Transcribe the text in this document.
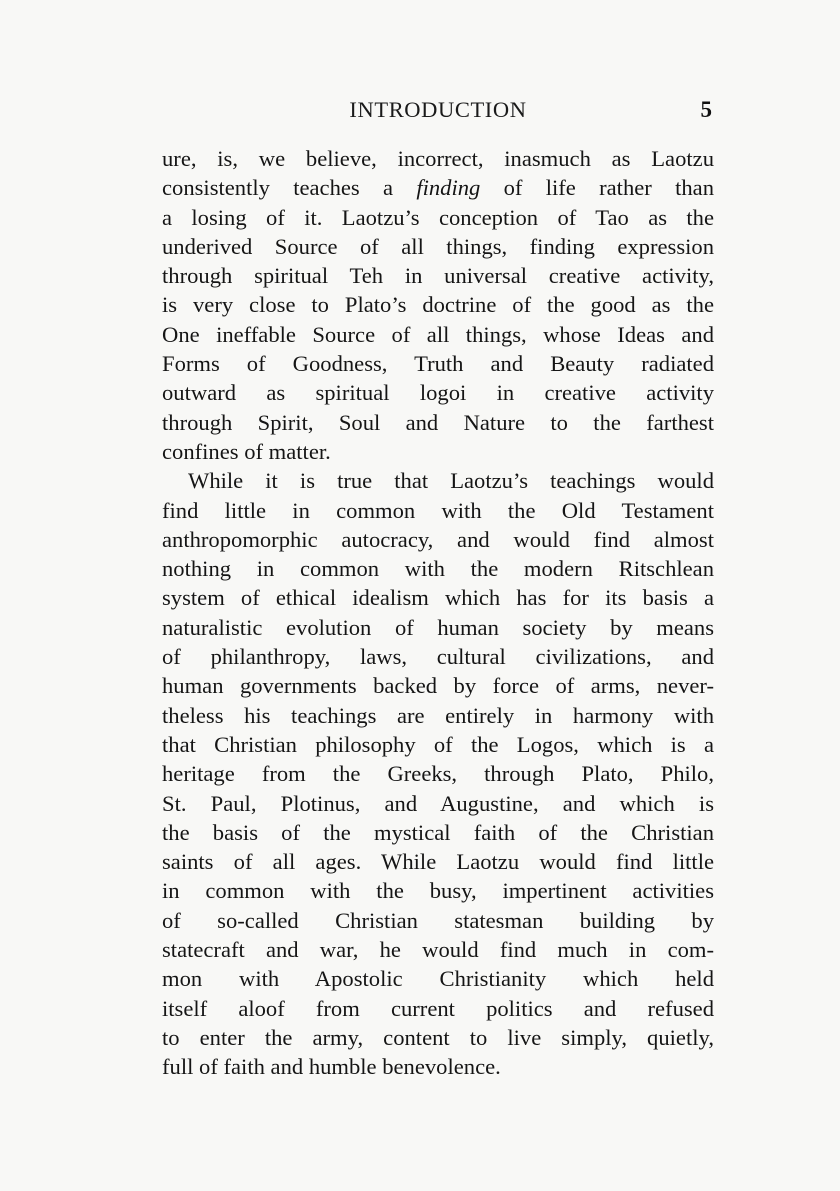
INTRODUCTION	5
ure, is, we believe, incorrect, inasmuch as Laotzu
consistently teaches a finding of life rather than
a losing of it. Laotzu’s conception of Tao as the
underived Source of all things, finding expression
through spiritual Teh in universal creative activity,
is very close to Plato’s doctrine of the good as the
One ineffable Source of all things, whose Ideas and
Forms of Goodness, Truth and Beauty radiated
outward as spiritual logoi in creative activity
through Spirit, Soul and Nature to the farthest
confines of matter.
While it is true that Laotzu’s teachings would
find little in common with the Old Testament
anthropomorphic autocracy, and would find almost
nothing in common with the modern Ritschlean
system of ethical idealism which has for its basis a
naturalistic evolution of human society by means
of philanthropy, laws, cultural civilizations, and
human governments backed by force of arms, never-
theless his teachings are entirely in harmony with
that Christian philosophy of the Logos, which is a
heritage from the Greeks, through Plato, Philo,
St. Paul, Plotinus, and Augustine, and which is
the basis of the mystical faith of the Christian
saints of all ages. While Laotzu would find little
in common with the busy, impertinent activities
of so-called Christian statesman building by
statecraft and war, he would find much in com-
mon with Apostolic Christianity which held
itself aloof from current politics and refused
to enter the army, content to live simply, quietly,
full of faith and humble benevolence.
